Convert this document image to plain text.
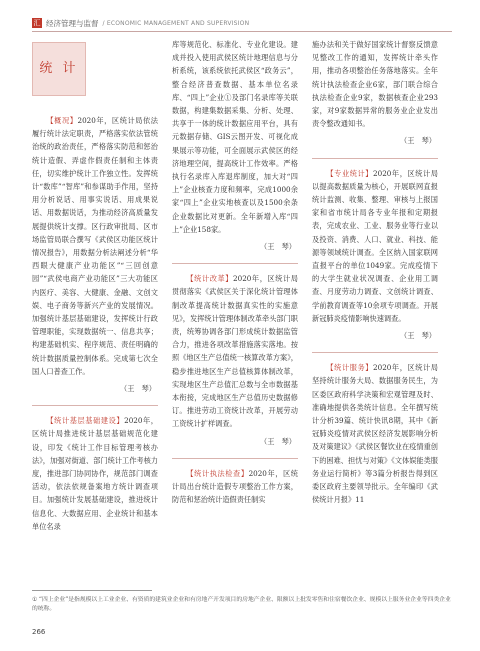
汇 经济管理与监督 / ECONOMIC MANAGEMENT AND SUPERVISION
统 计

【概况】2020年，区统计局依法履行统计法定职责，严格落实依法管统治统的政治责任，严格落实防范和惩治统计造假、弄虚作假责任制和主体责任，切实维护统计工作独立性。发挥统计“数库”“智库”和参谋助手作用，坚持用分析说话、用事实说话、用成果说话、用数据说话，为推动经济高质量发展提供统计支撑。区行政审批局、区市场监管局联合撰写《武侯区功能区统计情况报告》，用数据分析法阐述分析“华西眼大健康产业功能区”“三回创意园”“武侯电商产业功能区”三大功能区内医疗、美容、大健康、金融、文创文娱、电子商务等新兴产业的发展情况。加强统计基层基础建设，发挥统计行政管理职能，实现数据统一、信息共享；构建基础机实、程序规范、责任明确的统计数据质量控制体系。完成第七次全国人口普查工作。

（王　琴）

【统计基层基础建设】2020年，区统计局推进统计基层基础规范化建设，印发《统计工作目标管理考核办法》，加强对街道、部门统计工作考核力度，推进部门协同协作，规范部门调查活动，依法依规备案地方统计调查项目。加强统计发展基础建设，推进统计信息化、大数据应用、企业统计和基本单位名录

库等规范化、标准化、专业化建设。建成并投入使用武侯区统计地理信息与分析系统，该系统依托武侯区“政务云”，整合经济普查数据、基本单位名录库、“四上”企业①及部门名录库等关联数据，构建集数据采集、分析、处理、共享于一体的统计数据应用平台，具有元数据存储、GIS云图开发、可视化成果展示等功能，可全面展示武侯区的经济地理空间，提高统计工作效率。严格执行名录库入库退库制度，加大对“四上”企业核查力度和频率，完成1000余家“四上”企业实地核查以及1500余条企业数据比对更新。全年新增入库“四上”企业158家。

（王　琴）

【统计改革】2020年，区统计局贯彻落实《武侯区关于深化统计管理体制改革提高统计数据真实性的实施意见》，发挥统计管理体制改革牵头部门职责，统筹协调各部门形成统计数据监管合力，推进各项改革措施落实落地。按照《地区生产总值统一核算改革方案》，稳步推进地区生产总值核算体制改革，实现地区生产总值汇总数与全市数据基本衔接，完成地区生产总值历史数据修订。推进劳动工资统计改革，开展劳动工资统计扩样调查。

（王　琴）

【统计执法检查】2020年，区统计局出台统计造假专项整治工作方案，防范和惩治统计造假责任制实

施办法和关于做好国家统计督察反馈意见整改工作的通知，发挥统计牵头作用，推动各项整治任务落地落实。全年统计执法检查企业6家，部门联合综合执法检查企业9家，数据核查企业293家，对9家数据异常的服务业企业发出责令整改通知书。

（王　琴）

【专业统计】2020年，区统计局以提高数据质量为核心，开展联网直报统计监测、收集、整理、审核与上报国家和省市统计局各专业年报和定期报表，完成农业、工业、服务业等行业以及投资、消费、人口、就业、科技、能源等领域统计调查。全区纳入国家联网直报平台的单位1049家。完成疫情下的大学生就业状况调查、企业用工调查、月度劳动力调查、文创统计调查、学前教育调查等10余项专项调查。开展新冠肺炎疫情影响快速调查。

（王　琴）

【统计服务】2020年，区统计局坚持统计服务大局、数据服务民生，为区委区政府科学决策和宏观管理及时、准确地提供各类统计信息。全年撰写统计分析39篇、统计快讯8期，其中《新冠肺炎疫情对武侯区经济发展影响分析及对策建议》《武侯区餐饮业在疫情重创下的困难、担忧与对策》《文体娱能类服务业运行简析》等3篇分析报告得到区委区政府主要领导批示。全年编印《武侯统计月报》11

① “四上企业”是指规模以上工业企业、有资质的建筑业企业和有房地产开发项目的房地产企业、限额以上批发零售和住宿餐饮企业、规模以上服务业企业等四类企业的统称。
266
